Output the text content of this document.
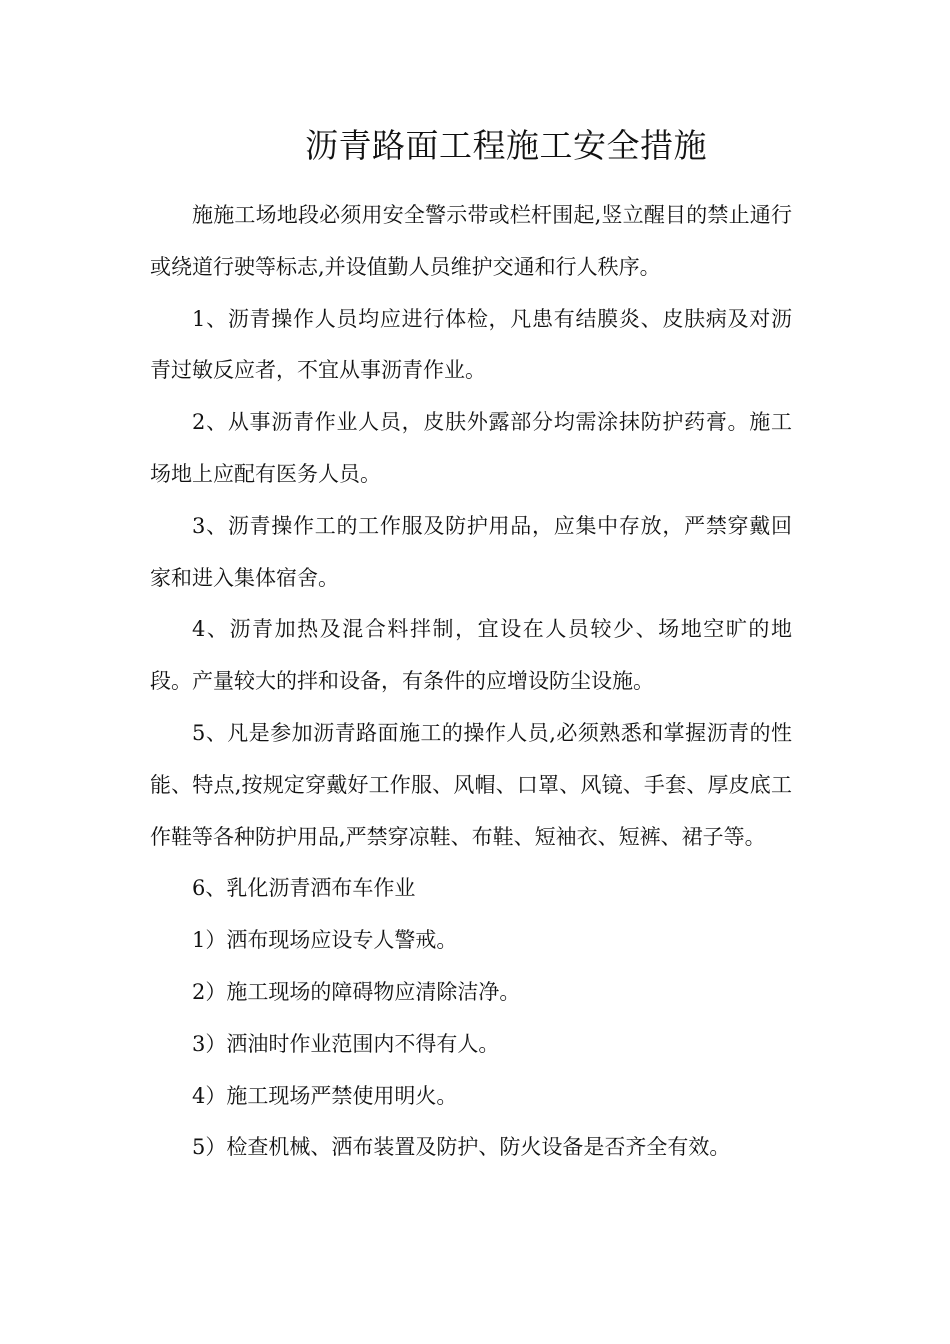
沥青路面工程施工安全措施

施施工场地段必须用安全警示带或栏杆围起,竖立醒目的禁止通行或绕道行驶等标志,并设值勤人员维护交通和行人秩序。

1、沥青操作人员均应进行体检，凡患有结膜炎、皮肤病及对沥青过敏反应者，不宜从事沥青作业。

2、从事沥青作业人员，皮肤外露部分均需涂抹防护药膏。施工场地上应配有医务人员。

3、沥青操作工的工作服及防护用品，应集中存放，严禁穿戴回家和进入集体宿舍。

4、沥青加热及混合料拌制，宜设在人员较少、场地空旷的地段。产量较大的拌和设备，有条件的应增设防尘设施。

5、凡是参加沥青路面施工的操作人员,必须熟悉和掌握沥青的性能、特点,按规定穿戴好工作服、风帽、口罩、风镜、手套、厚皮底工作鞋等各种防护用品,严禁穿凉鞋、布鞋、短袖衣、短裤、裙子等。

6、乳化沥青洒布车作业

1）洒布现场应设专人警戒。

2）施工现场的障碍物应清除洁净。

3）洒油时作业范围内不得有人。

4）施工现场严禁使用明火。

5）检查机械、洒布装置及防护、防火设备是否齐全有效。
